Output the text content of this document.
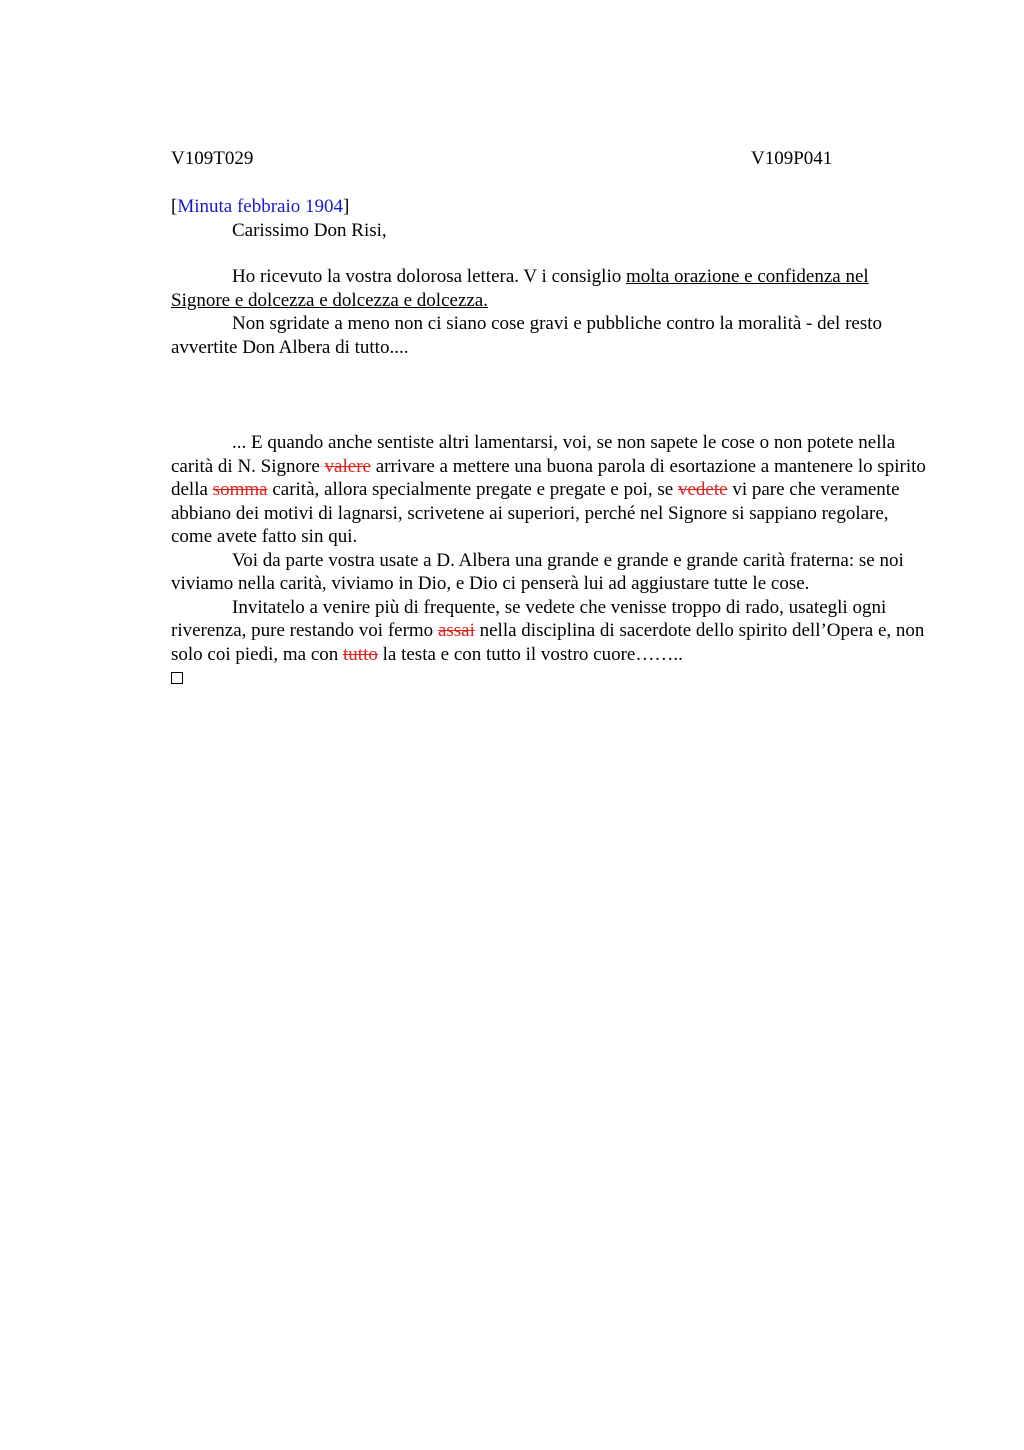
V109T029	V109P041
[Minuta febbraio 1904]

Carissimo Don Risi,

Ho ricevuto la vostra dolorosa lettera. V i consiglio molta orazione e confidenza nel Signore e dolcezza e dolcezza e dolcezza.

Non sgridate a meno non ci siano cose gravi e pubbliche contro la moralità - del resto avvertite Don Albera di tutto....

... E quando anche sentiste altri lamentarsi, voi, se non sapete le cose o non potete nella carità di N. Signore valere arrivare a mettere una buona parola di esortazione a mantenere lo spirito della somma carità, allora specialmente pregate e pregate e poi, se vedete vi pare che veramente abbiano dei motivi di lagnarsi, scrivetene ai superiori, perché nel Signore si sappiano regolare, come avete fatto sin qui.

Voi da parte vostra usate a D. Albera una grande e grande e grande carità fraterna: se noi viviamo nella carità, viviamo in Dio, e Dio ci penserà lui ad aggiustare tutte le cose.

Invitatelo a venire più di frequente, se vedete che venisse troppo di rado, usategli ogni riverenza, pure restando voi fermo assai nella disciplina di sacerdote dello spirito dell’Opera e, non solo coi piedi, ma con tutto la testa e con tutto il vostro cuore……..
